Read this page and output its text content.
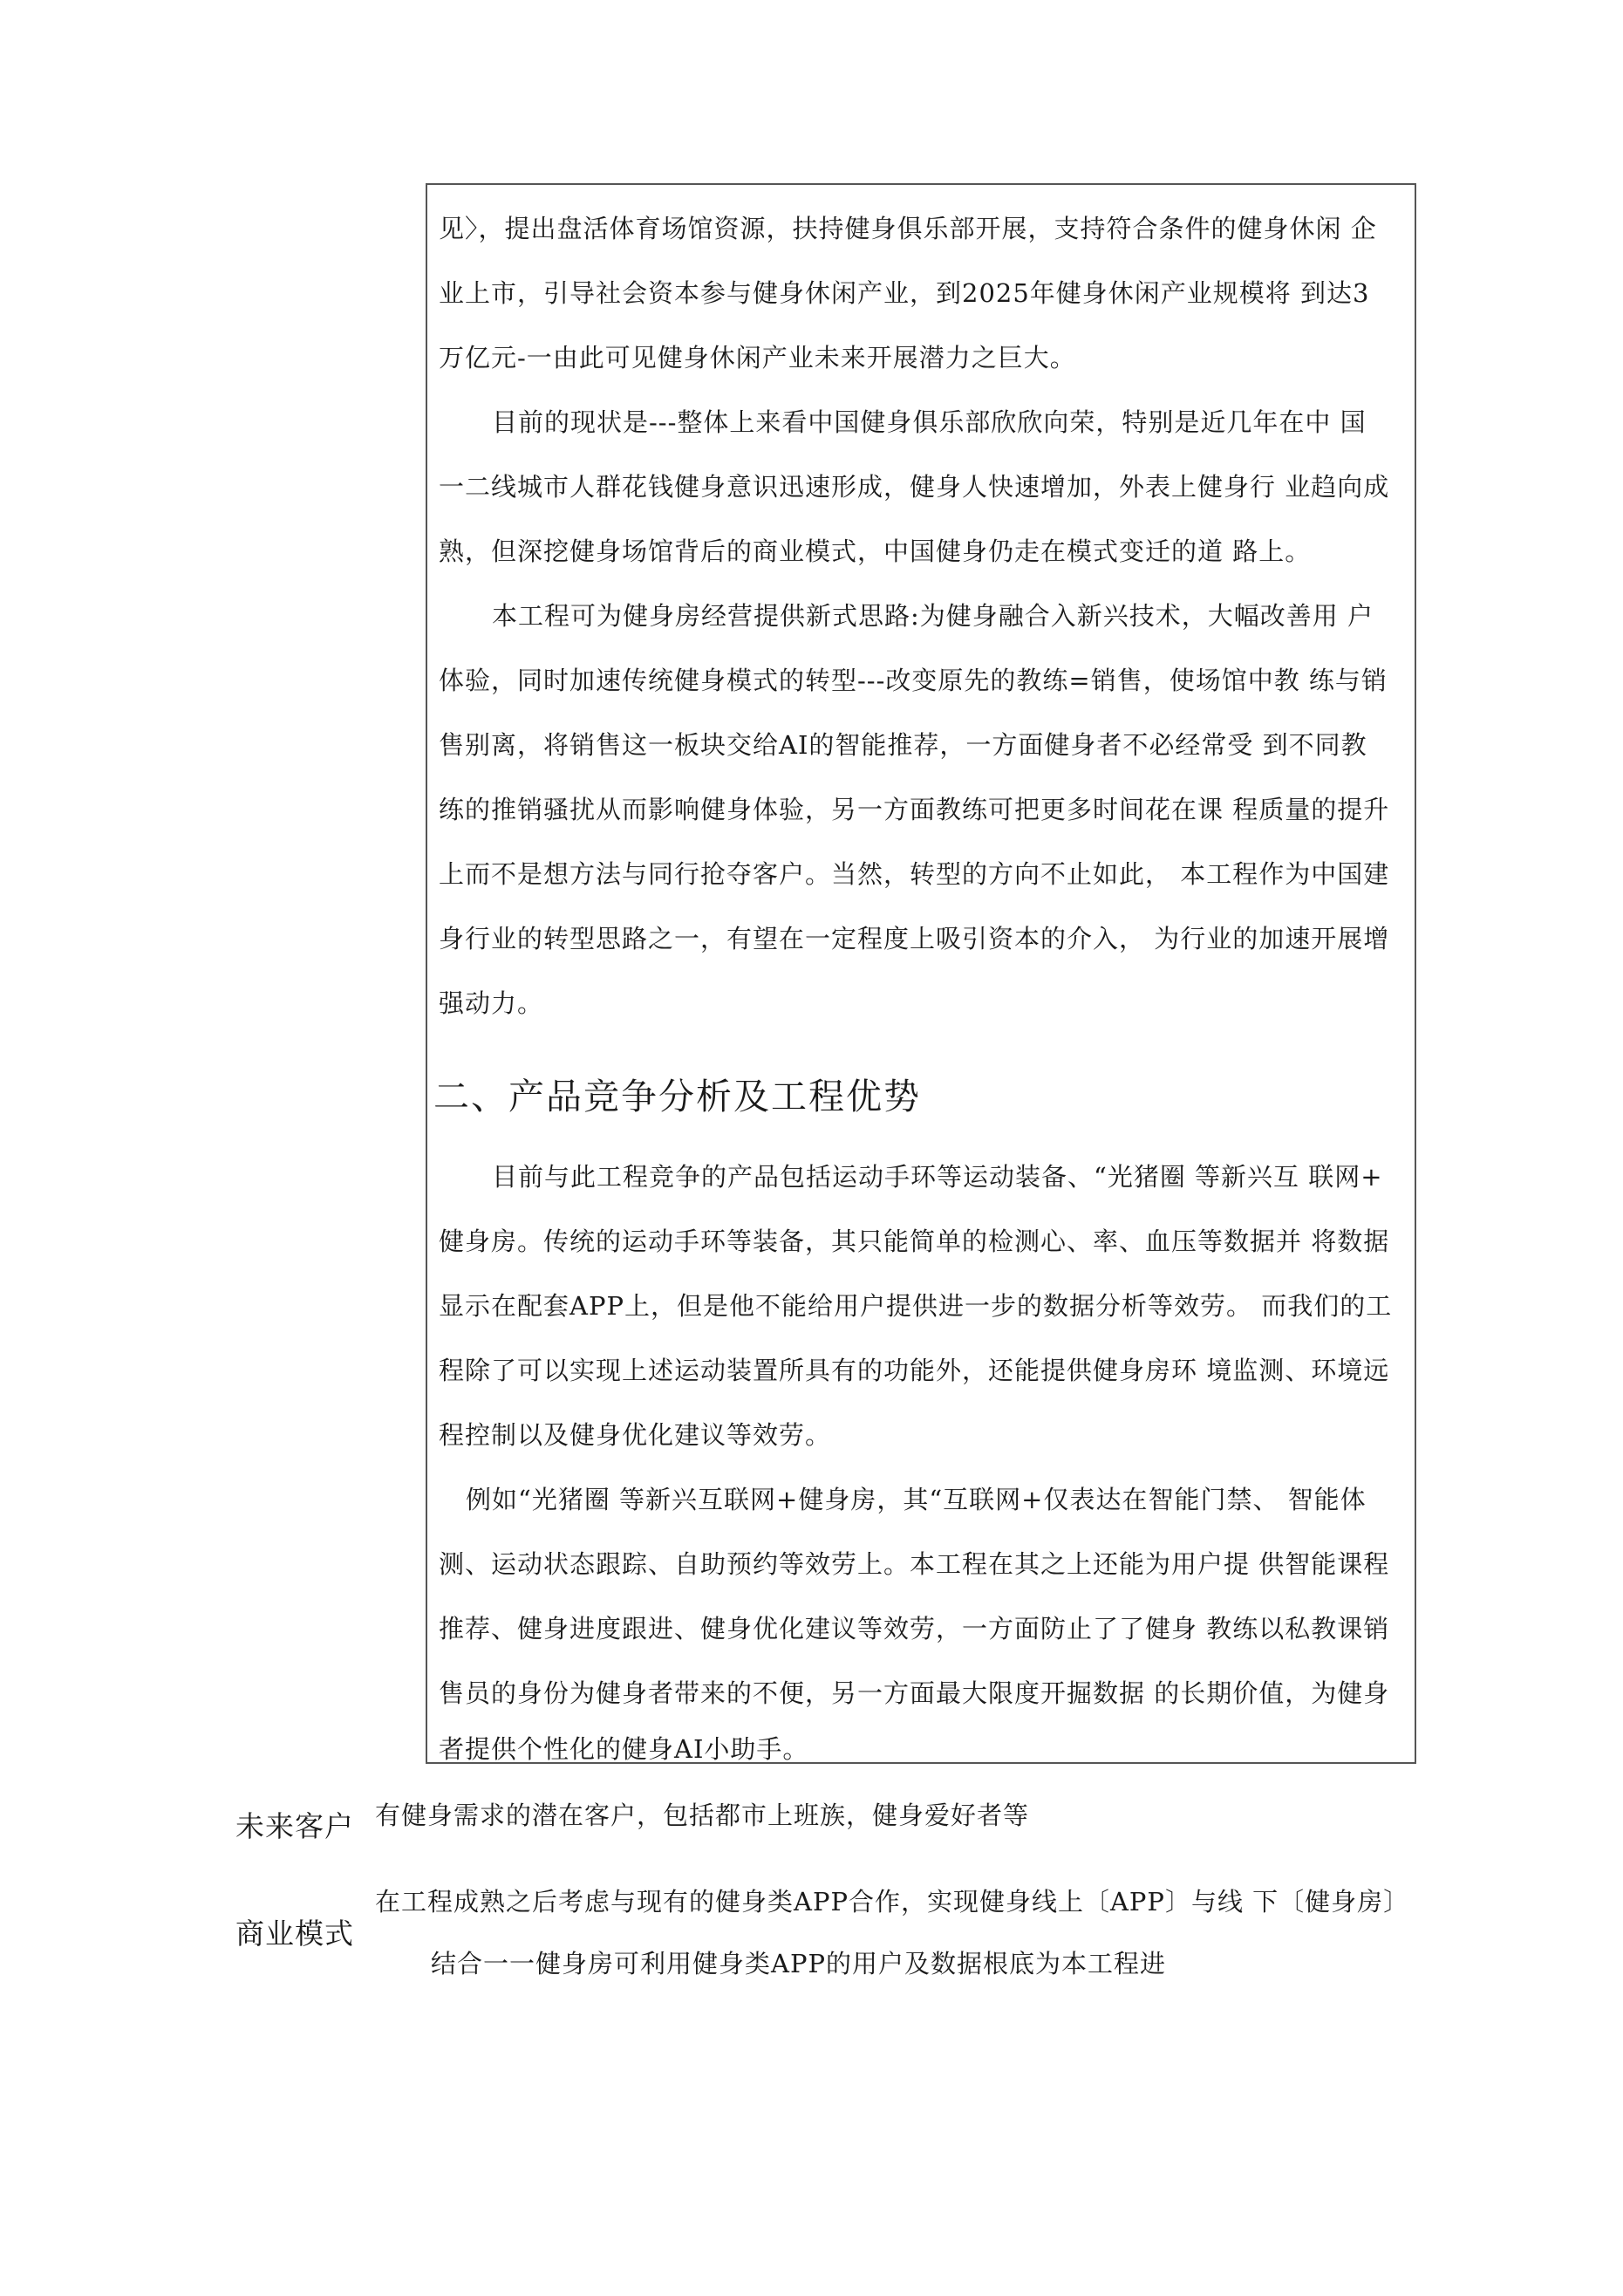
见〉，提出盘活体育场馆资源，扶持健身俱乐部开展，支持符合条件的健身休闲 企
业上市，引导社会资本参与健身休闲产业，到2025年健身休闲产业规模将 到达3
万亿元-一由此可见健身休闲产业未来开展潜力之巨大。
目前的现状是---整体上来看中国健身俱乐部欣欣向荣，特别是近几年在中 国
一二线城市人群花钱健身意识迅速形成，健身人快速增加，外表上健身行 业趋向成
熟，但深挖健身场馆背后的商业模式，中国健身仍走在模式变迁的道 路上。
本工程可为健身房经营提供新式思路:为健身融合入新兴技术，大幅改善用 户
体验，同时加速传统健身模式的转型---改变原先的教练=销售，使场馆中教 练与销
售别离，将销售这一板块交给AI的智能推荐，一方面健身者不必经常受 到不同教
练的推销骚扰从而影响健身体验，另一方面教练可把更多时间花在课 程质量的提升
上而不是想方法与同行抢夺客户。当然，转型的方向不止如此， 本工程作为中国建
身行业的转型思路之一，有望在一定程度上吸引资本的介入， 为行业的加速开展增
强动力。
二、产品竞争分析及工程优势
目前与此工程竞争的产品包括运动手环等运动装备、“光猪圈 等新兴互 联网+
健身房。传统的运动手环等装备，其只能简单的检测心、率、血压等数据并 将数据
显示在配套APP上，但是他不能给用户提供进一步的数据分析等效劳。 而我们的工
程除了可以实现上述运动装置所具有的功能外，还能提供健身房环 境监测、环境远
程控制以及健身优化建议等效劳。
例如“光猪圈 等新兴互联网+健身房，其“互联网+仅表达在智能门禁、 智能体
测、运动状态跟踪、自助预约等效劳上。本工程在其之上还能为用户提 供智能课程
推荐、健身进度跟进、健身优化建议等效劳，一方面防止了了健身 教练以私教课销
售员的身份为健身者带来的不便，另一方面最大限度开掘数据 的长期价值，为健身
者提供个性化的健身AI小助手。
未来客户 有健身需求的潜在客户，包括都市上班族，健身爱好者等
商业模式
在工程成熟之后考虑与现有的健身类APP合作，实现健身线上〔APP〕与线 下〔健身房〕
结合一一健身房可利用健身类APP的用户及数据根底为本工程进
